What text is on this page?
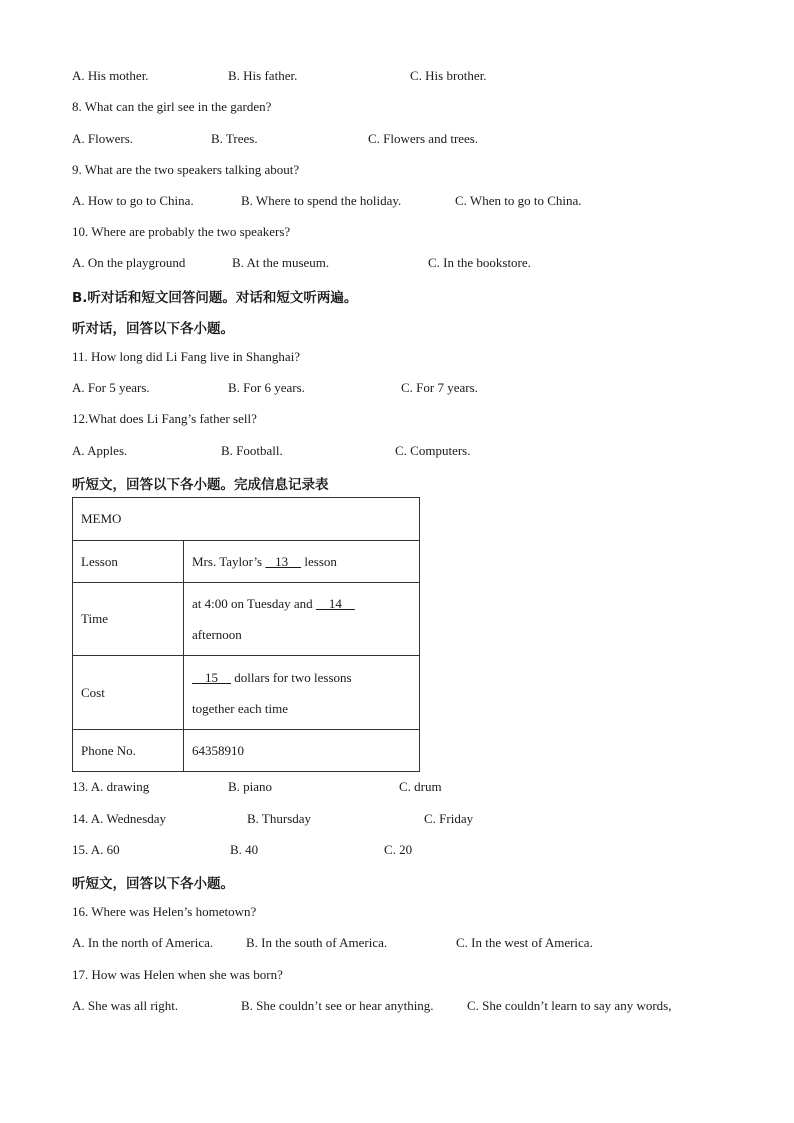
A. His mother.	B. His father.	C. His brother.
8. What can the girl see in the garden?
A. Flowers.	B. Trees.	C. Flowers and trees.
9. What are the two speakers talking about?
A. How to go to China.	B. Where to spend the holiday.	C. When to go to China.
10. Where are probably the two speakers?
A. On the playground	B. At the museum.	C. In the bookstore.
B.听对话和短文回答问题。对话和短文听两遍。
听对话，回答以下各小题。
11. How long did Li Fang live in Shanghai?
A. For 5 years.	B. For 6 years.	C. For 7 years.
12.What does Li Fang’s father sell?
A. Apples.	B. Football.	C. Computers.
听短文，回答以下各小题。完成信息记录表
MEMO	
Lesson	Mrs. Taylor’s    13     lesson
Time	at 4:00 on Tuesday and     14
afternoon

Cost	15     dollars for two lessons
together each time

Phone No.	64358910
13. A. drawing	B. piano	C. drum
14. A. Wednesday	B. Thursday	C. Friday
15. A. 60	B. 40	C. 20
听短文，回答以下各小题。
16. Where was Helen’s hometown?
A. In the north of America.	B. In the south of America.	C. In the west of America.
17. How was Helen when she was born?
A. She was all right.	B. She couldn’t see or hear anything.	C. She couldn’t learn to say any words,
